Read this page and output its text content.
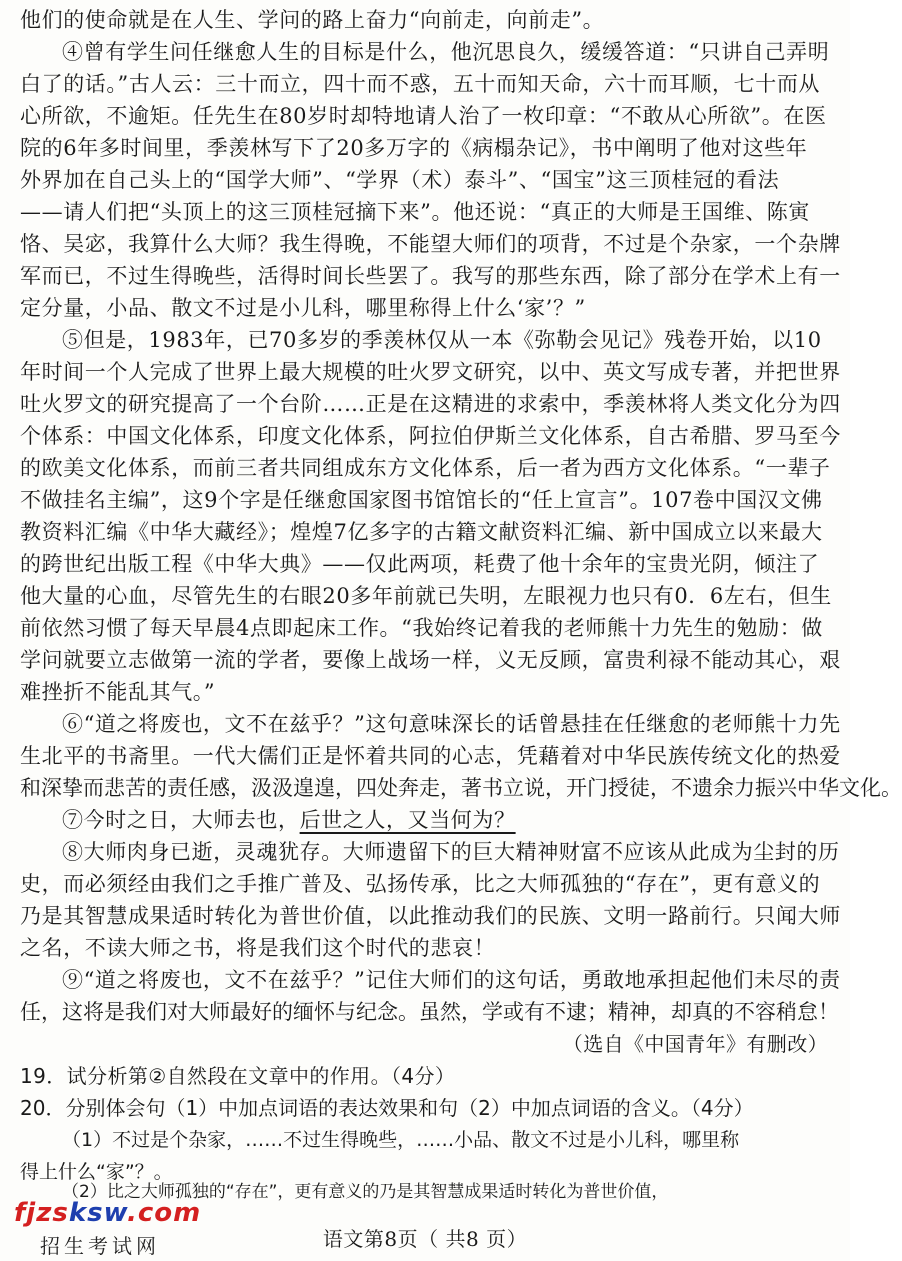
他们的使命就是在人生、学问的路上奋力“向前走，向前走”。
④曾有学生问任继愈人生的目标是什么，他沉思良久，缓缓答道：“只讲自己弄明
白了的话。”古人云：三十而立，四十而不惑，五十而知天命，六十而耳顺，七十而从
心所欲，不逾矩。任先生在80岁时却特地请人治了一枚印章：“不敢从心所欲”。在医
院的6年多时间里，季羡林写下了20多万字的《病榻杂记》，书中阐明了他对这些年
外界加在自己头上的“国学大师”、“学界（术）泰斗”、“国宝”这三顶桂冠的看法
——请人们把“头顶上的这三顶桂冠摘下来”。他还说：“真正的大师是王国维、陈寅
恪、吴宓，我算什么大师？我生得晚，不能望大师们的项背，不过是个杂家，一个杂牌
军而已，不过生得晚些，活得时间长些罢了。我写的那些东西，除了部分在学术上有一
定分量，小品、散文不过是小儿科，哪里称得上什么‘家’？”
⑤但是，1983年，已70多岁的季羡林仅从一本《弥勒会见记》残卷开始，以10
年时间一个人完成了世界上最大规模的吐火罗文研究，以中、英文写成专著，并把世界
吐火罗文的研究提高了一个台阶……正是在这精进的求索中，季羡林将人类文化分为四
个体系：中国文化体系，印度文化体系，阿拉伯伊斯兰文化体系，自古希腊、罗马至今
的欧美文化体系，而前三者共同组成东方文化体系，后一者为西方文化体系。“一辈子
不做挂名主编”，这9个字是任继愈国家图书馆馆长的“任上宣言”。107卷中国汉文佛
教资料汇编《中华大藏经》；煌煌7亿多字的古籍文献资料汇编、新中国成立以来最大
的跨世纪出版工程《中华大典》——仅此两项，耗费了他十余年的宝贵光阴，倾注了
他大量的心血，尽管先生的右眼20多年前就已失明，左眼视力也只有0．6左右，但生
前依然习惯了每天早晨4点即起床工作。“我始终记着我的老师熊十力先生的勉励：做
学问就要立志做第一流的学者，要像上战场一样，义无反顾，富贵利禄不能动其心，艰
难挫折不能乱其气。”
⑥“道之将废也，文不在兹乎？”这句意味深长的话曾悬挂在任继愈的老师熊十力先
生北平的书斋里。一代大儒们正是怀着共同的心志，凭藉着对中华民族传统文化的热爱
和深挚而悲苦的责任感，汲汲遑遑，四处奔走，著书立说，开门授徒，不遗余力振兴中华文化。
⑦今时之日，大师去也，后世之人，又当何为？
⑧大师肉身已逝，灵魂犹存。大师遗留下的巨大精神财富不应该从此成为尘封的历
史，而必须经由我们之手推广普及、弘扬传承，比之大师孤独的“存在”，更有意义的
乃是其智慧成果适时转化为普世价值，以此推动我们的民族、文明一路前行。只闻大师
之名，不读大师之书，将是我们这个时代的悲哀！
⑨“道之将废也，文不在兹乎？”记住大师们的这句话，勇敢地承担起他们未尽的责
任，这将是我们对大师最好的缅怀与纪念。虽然，学或有不逮；精神，却真的不容稍怠！
（选自《中国青年》有删改）
19．试分析第②自然段在文章中的作用。（4分）
20．分别体会句（1）中加点词语的表达效果和句（2）中加点词语的含义。（4分）
（1）不过是个杂家，……不过生得晚些，……小品、散文不过是小儿科，哪里称
得上什么“家”？。
（2）比之大师孤独的“存在”，更有意义的乃是其智慧成果适时转化为普世价值，
fjzsksw.com
招生考试网	语文第8页（ 共8 页）
